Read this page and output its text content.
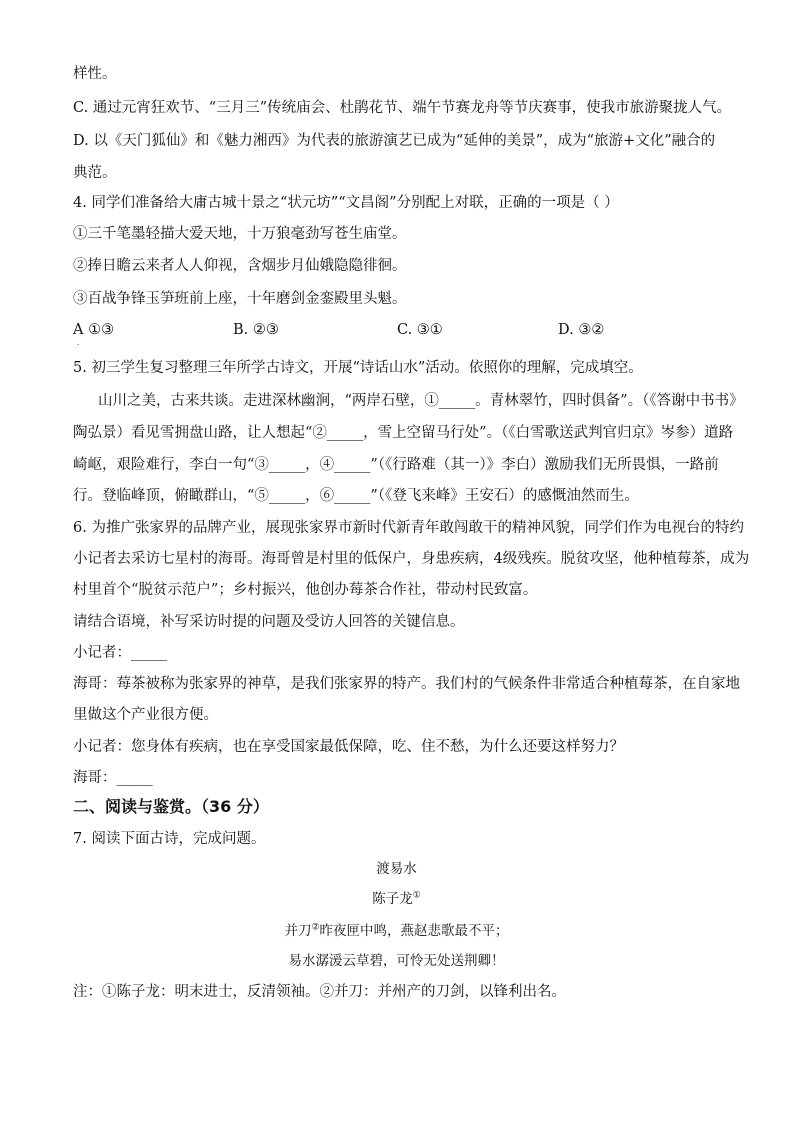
样性。
C. 通过元宵狂欢节、“三月三”传统庙会、杜鹃花节、端午节赛龙舟等节庆赛事，使我市旅游聚拢人气。
D. 以《天门狐仙》和《魅力湘西》为代表的旅游演艺已成为“延伸的美景”，成为“旅游+文化”融合的
典范。
4. 同学们准备给大庸古城十景之“状元坊”“文昌阁”分别配上对联，正确的一项是（ ）
①三千笔墨轻描大爱天地，十万狼毫劲写苍生庙堂。
②捧日瞻云来者人人仰视，含烟步月仙娥隐隐徘徊。
③百战争锋玉笋班前上座，十年磨剑金銮殿里头魁。
A ①③	B. ②③	C. ③①	D. ③②
.
5. 初三学生复习整理三年所学古诗文，开展“诗话山水”活动。依照你的理解，完成填空。
山川之美，古来共谈。走进深林幽涧，“两岸石壁，①_____。青林翠竹，四时俱备”。（《答谢中书书》
陶弘景）看见雪拥盘山路，让人想起“②_____，雪上空留马行处”。（《白雪歌送武判官归京》岑参）道路
崎岖，艰险难行，李白一句“③_____，④_____”（《行路难（其一）》李白）激励我们无所畏惧，一路前
行。登临峰顶，俯瞰群山，“⑤_____，⑥_____”（《登飞来峰》王安石）的感慨油然而生。
6. 为推广张家界的品牌产业，展现张家界市新时代新青年敢闯敢干的精神风貌，同学们作为电视台的特约
小记者去采访七星村的海哥。海哥曾是村里的低保户，身患疾病，4级残疾。脱贫攻坚，他种植莓茶，成为
村里首个“脱贫示范户”；乡村振兴，他创办莓茶合作社，带动村民致富。
请结合语境，补写采访时提的问题及受访人回答的关键信息。
小记者：_____
海哥：莓茶被称为张家界的神草，是我们张家界的特产。我们村的气候条件非常适合种植莓茶，在自家地
里做这个产业很方便。
小记者：您身体有疾病，也在享受国家最低保障，吃、住不愁，为什么还要这样努力？
海哥：_____
二、阅读与鉴赏。（36 分）
7. 阅读下面古诗，完成问题。
渡易水
陈子龙①
并刀②昨夜匣中鸣，燕赵悲歌最不平；
易水潺湲云草碧，可怜无处送荆卿！
注：①陈子龙：明末进士，反清领袖。②并刀：并州产的刀剑，以锋利出名。
